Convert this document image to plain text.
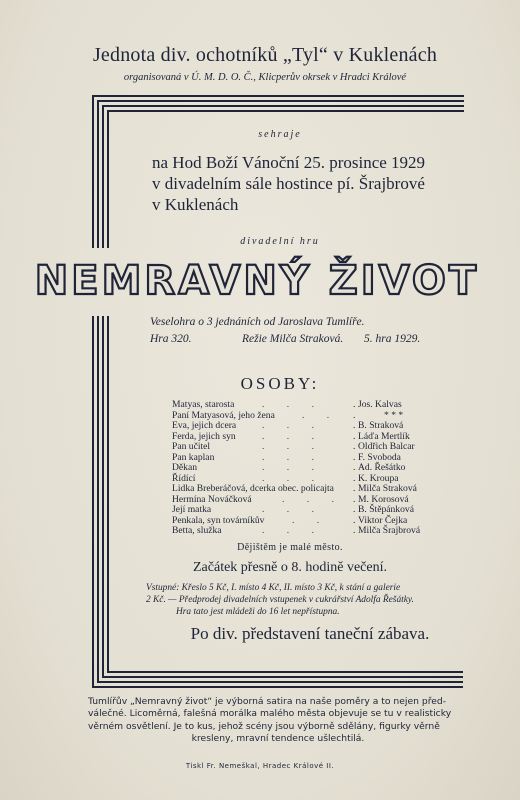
Jednota div. ochotníků „Tyl“ v Kuklenách
organisovaná v Ú. M. D. O. Č., Klicperův okrsek v Hradci Králové
sehraje
na Hod Boží Vánoční 25. prosince 1929
v divadelním sále hostince pí. Šrajbrové
v Kuklenách
divadelní hru
NEMRAVNÝ ŽIVOT
Veselohra o 3 jednáních od Jaroslava Tumlíře.
Hra 320.	Režie Milča Straková. 5. hra 1929.
OSOBY:
Matyas, starosta	. . .	. Jos. Kalvas
Paní Matyasová, jeho žena	. .	.	* * *
Eva, jejich dcera	. . .	. B. Straková
Ferda, jejich syn	. . .	. Láďa Mertlík
Pan učitel	. . .	. Oldřich Balcar
Pan kaplan	. . .	. F. Svoboda
Děkan	. . .	. Ad. Řešátko
Řídící	. . .	. K. Kroupa
Lidka Breberáčová, dcerka obec. policajta . Milča Straková
Hermína Nováčková	. . . . M. Korosová
Její matka	. . .	. B. Štěpánková
Penkala, syn továrníkův	. .	. Viktor Čejka
Betta, služka	. . .	. Milča Šrajbrová
Dějištěm je malé město.
Začátek přesně o 8. hodině večení.
Vstupné: Křeslo 5 Kč, I. místo 4 Kč, II. místo 3 Kč, k stání a galerie
2 Kč. — Předprodej divadelních vstupenek v cukrářství Adolfa Řešátky.
Hra tato jest mládeži do 16 let nepřístupna.
Po div. představení taneční zábava.
Tumlířův „Nemravný život“ je výborná satira na naše poměry a to nejen před-
válečné. Licoměrná, falešná morálka malého města objevuje se tu v realisticky
věrném osvětlení. Je to kus, jehož scény jsou výborně sdělány, figurky věrně
kresleny, mravní tendence ušlechtilá.
Tiskl Fr. Nemeškal, Hradec Králové II.
